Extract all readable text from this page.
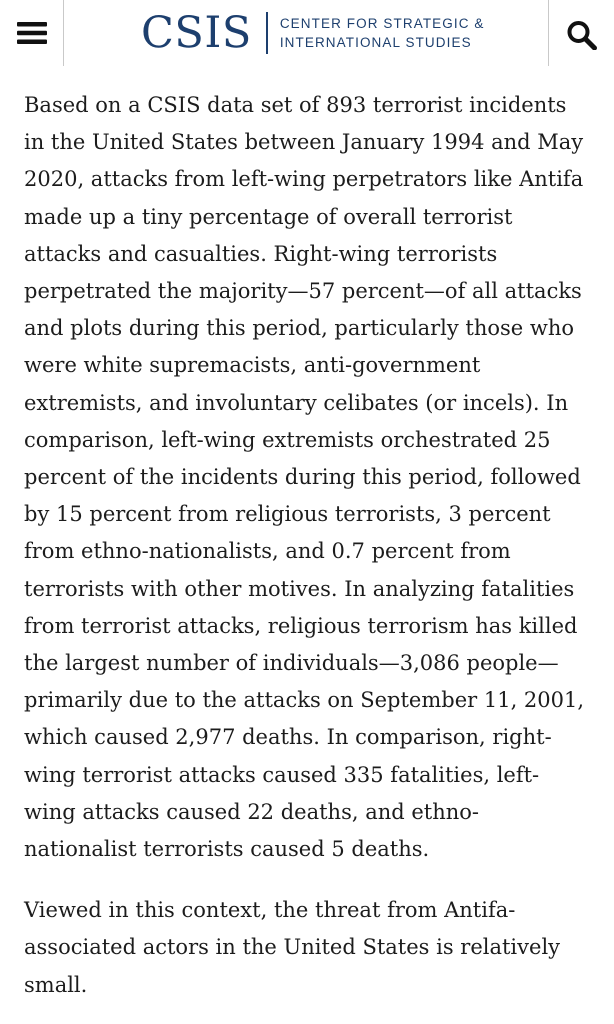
CSIS CENTER FOR STRATEGIC &
INTERNATIONAL STUDIES

Based on a CSIS data set of 893 terrorist incidents in the United States between January 1994 and May 2020, attacks from left-wing perpetrators like Antifa made up a tiny percentage of overall terrorist attacks and casualties. Right-wing terrorists perpetrated the majority—57 percent—of all attacks and plots during this period, particularly those who were white supremacists, anti-government extremists, and involuntary celibates (or incels). In comparison, left-wing extremists orchestrated 25 percent of the incidents during this period, followed by 15 percent from religious terrorists, 3 percent from ethno-nationalists, and 0.7 percent from terrorists with other motives. In analyzing fatalities from terrorist attacks, religious terrorism has killed the largest number of individuals—3,086 people—primarily due to the attacks on September 11, 2001, which caused 2,977 deaths. In comparison, right-wing terrorist attacks caused 335 fatalities, left-wing attacks caused 22 deaths, and ethno-nationalist terrorists caused 5 deaths.

Viewed in this context, the threat from Antifa-associated actors in the United States is relatively small.
